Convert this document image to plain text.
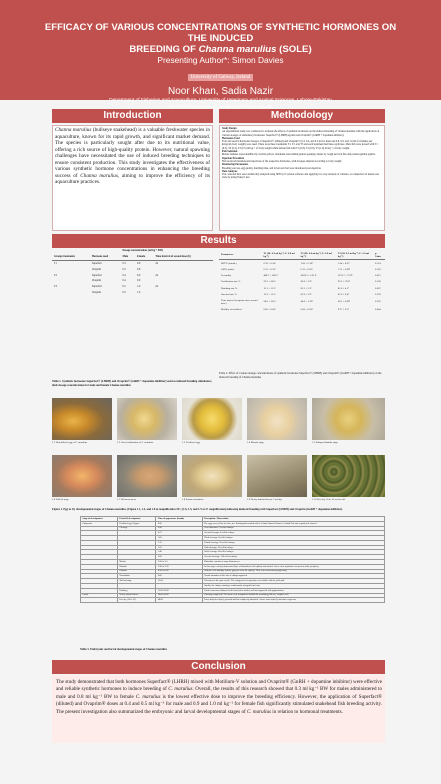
EFFICACY OF VARIOUS CONCENTRATIONS OF SYNTHETIC HORMONES ON THE INDUCED
BREEDING OF Channa marulius (SOLE)
Presenting Author*: Simon Davies
University of Galway, Ireland
Noor Khan, Sadia Nazir
Department of Fisheries and Aquaculture, University of Veterinary and Animal Sciences, Lahore-Pakistan
noorkhan@uvas.edu.pk, sadia.nazir@uvas.edu.pk
Introduction
Channa marulius (bullseye snakehead) is a valuable freshwater species in aquaculture, known for its rapid growth, and significant market demand. The species is particularly sought after due to its nutritional value, offering a rich source of high-quality protein. However, natural spawning challenges have necessitated the use of induced breeding techniques to ensure consistent production. This study investigates the effectiveness of various synthetic hormone concentrations in enhancing the breeding success of Channa marulius, aiming to improve the efficiency of its aquaculture practices.
Methodology
Study Design
An experimental study was conducted to evaluate the effects of synthetic hormones on the induced breeding of Channa marulius with the application of various dosages of stimulatory hormones: Superfact® (LHRH) agonist and Ovaprim® (GnRH + dopamine inhibitor).
Hormones Used
Four and several hormonal dosages of Superfact® (diluted) and Ovaprim® (0.3, 0.4, and 0.5 ml for male and 0.8, 0.9, and 1.0 ml for females per kilogram body weight) were used. There were three treatments T1, T2, and T3 and each treatment had three replicates. Male fish were treated with T1 (0.3), T2 (0.4), T3 (0.5) ml kg⁻¹ of body weight while female fish with T1 (0.8), T2 (0.9), T3 (1.0) ml kg⁻¹ of body weight.
Fish Selection
Mature females were identified by swollen yellow abdomens and reddish genital openings; males by rough pectoral fins and pointed genital papilla.
Injection Procedure
Fish received intramuscular injections of the respective hormones, with dosages adjusted according to body weight.
Monitoring Parameters
Breeding success, egg quality, hatching time, and larval survival were monitored post-injection.
Data Analysis
The collected data were statistically analyzed using SPSS (21 version software and applying two-way analysis of variance. A comparison of means was done by using Tukey's test.
Results
		Dosage concentrations (ml kg⁻¹ BW)		
Groups/treatments	Hormone used	Male	Female	Time interval of second dose (h)
T1	Superfact	0.3	0.8	24
	Ovaprim	0.3	0.8	
T2	Superfact	0.4	0.9	24
	Ovaprim	0.4	0.9	
T3	Superfact	0.5	1.0	24
	Ovaprim	0.5	1.0	
Table 1. Synthetic hormones Superfact® (LHRH) and Ovaprim® (GnRH + dopamine inhibitor) used as induced breeding stimulators, their dosage concentrations for male and female Channa marulius
Parameters	T1 (M: 0.3 ml kg⁻¹; F: 0.8 ml kg⁻¹)	T2 (M: 0.4 ml kg⁻¹; F: 0.9 ml kg⁻¹)	T3 (M: 0.5 ml kg⁻¹; F: 1.0 ml kg⁻¹)	p-Value
SRF% (female)	0.76 ± 0.54ᵃ	1.00 ± 0.16ᵇ	1.04 ± 0.07ᶜ	0.124
GSI% (male)	0.13 ± 0.33ᵃ	0.15 ± 0.05ᵃ	1.31 ± 0.09ᵇ	0.126
Fecundity	468.7 ± 166.7ᵃ	2478.3 ± 143.1ᵇ	2231.7 ± 72.9ᵇ	0.012
Fertilization rate %	29.3 ± 26.0ᵃ	90.6 ± 2.3ᵇ	93.3 ± 19.2ᵇ	0.128
Hatching rate %	13.1 ± 11.5ᵃ	81.3 ± 5.5ᵇ	81.6 ± 4.1ᵇ	0.007
Survival rate %	13.3 ± 11.5ᵃ	87.6 ± 3.2ᵇ	87.6 ± 0.4ᵇ	0.129
Time interval (response after second dose)	24.0 ± 10.0ᵃ	46.6 ± 1.29ᵇ	49.1 ± 0.09ᵇ	0.376
Motility of fertilized	0.00 ± 0.00ᵃ	0.00 ± 0.00ᵇ	9.27 ± 0.5ᵇ	0.044
Table 2. Effect of various dosage concentrations of synthetic hormones Superfact® (LHRH) and Ovaprim® (GnRH + dopamine inhibitor) on the induced breeding of Channa marulius
1.1 Unfertilized egg of C. marulius	1.2 After fertilization of C. marulius	1.3 Fertilized egg	1.4 Morula stage	1.5 Embryo/blastula stage
1.6 Yolk-O stage	1.7 Tail movement	1.8 Somite formation	1.9 Newly hatched larvae 2 nd day	1.10 Free-fry 10 to 12 weeks old
Figure 1. Egg to fry developmental stages of Channa marulius. (Figure 1.1, 1.4, and 1.8 at magnification 10×; (1.6, 1.5, and 1.9 at 4× magnification) following induced breeding with Superfact (LHRH) and Ovaprim (GnRH + dopamine inhibitor).
Stage of development	Period of development	Time of appearance (h:min)	Description / Observation
Embryonic	Fertilized egg / Zygote	0:00	The eggs were yellow in color, free floating and rounded with a 3.5mm-1.4mm. Diameter. Animal Pole and vegetal pole formed.
	Cleavage	0:30	Two blastomere: 2-celled embryo
		0:57	Second cleavage: 4-celled embryo
		1:05	Third cleavage: 8-celled embryo
		1:13	Fourth cleavage: 16-celled embryo
		1:25	Fifth cleavage: 32-celled embryo
		1:40	Sixth cleavage: 64-celled embryo
		2:00	Seventh cleavage: 128-celled embryo
	Morula	2:30 to 3:0	Blastodisc consists of many blastomeres
	Blastula	3:30 to 5:30	In this stage a clearly demarcated layer of blastoderm with epiboly and started. Also a clear separation was present at the periphery
	Gastrula	6:30 to 8:00	With the cells multiply and the gap your view the epiboly. There was a movement progressing
	Neurulation	8:00	Neural formation of the axis of embryo appeared
	Tail bud stage	12:00	Extension of the optic vesicle. The ontogenesis of myotomes was visible with the yolk spilt
			Similar, the embryo starting a continuously enlarged heart form
	Hatching	21:00-26:00	Further movement (thrust) of the heart (slow stroke) and heart appeared with pigmentation
Larval	Newly hatched larvae	26:00-30:00	Hatching completely. The larvae were transparent and had the remaining yolk sac, complete full
	Free-fry (10 to 12)	48:00	Larva fully developed, greenish and has completely absorbed - larvae swim actively and start exogenous
Table 3. Embryonic and larval developmental stages of Channa marulius
Conclusion
The study demonstrated that both hormones Superfact® (LHRH) mixed with Motilium-V solution and Ovaprim® (GnRH + dopamine inhibitor) were effective and reliable synthetic hormones to induce breeding of C. marulius. Overall, the results of this research showed that 0.3 ml kg⁻¹ BW for males administered to male and 0.8 ml kg⁻¹ BW to female C. marulius is the lowest effective dose to improve the breeding efficiency. However, the application of Superfact® (diluted) and Ovaprim® doses at 0.4 and 0.5 ml kg⁻¹ for male and 0.9 and 1.0 ml kg⁻¹ for female fish significantly stimulated snakehead fish breeding activity. The present investigation also summarized the embryonic and larval developmental stages of C. marulius in relation to hormonal treatments.
